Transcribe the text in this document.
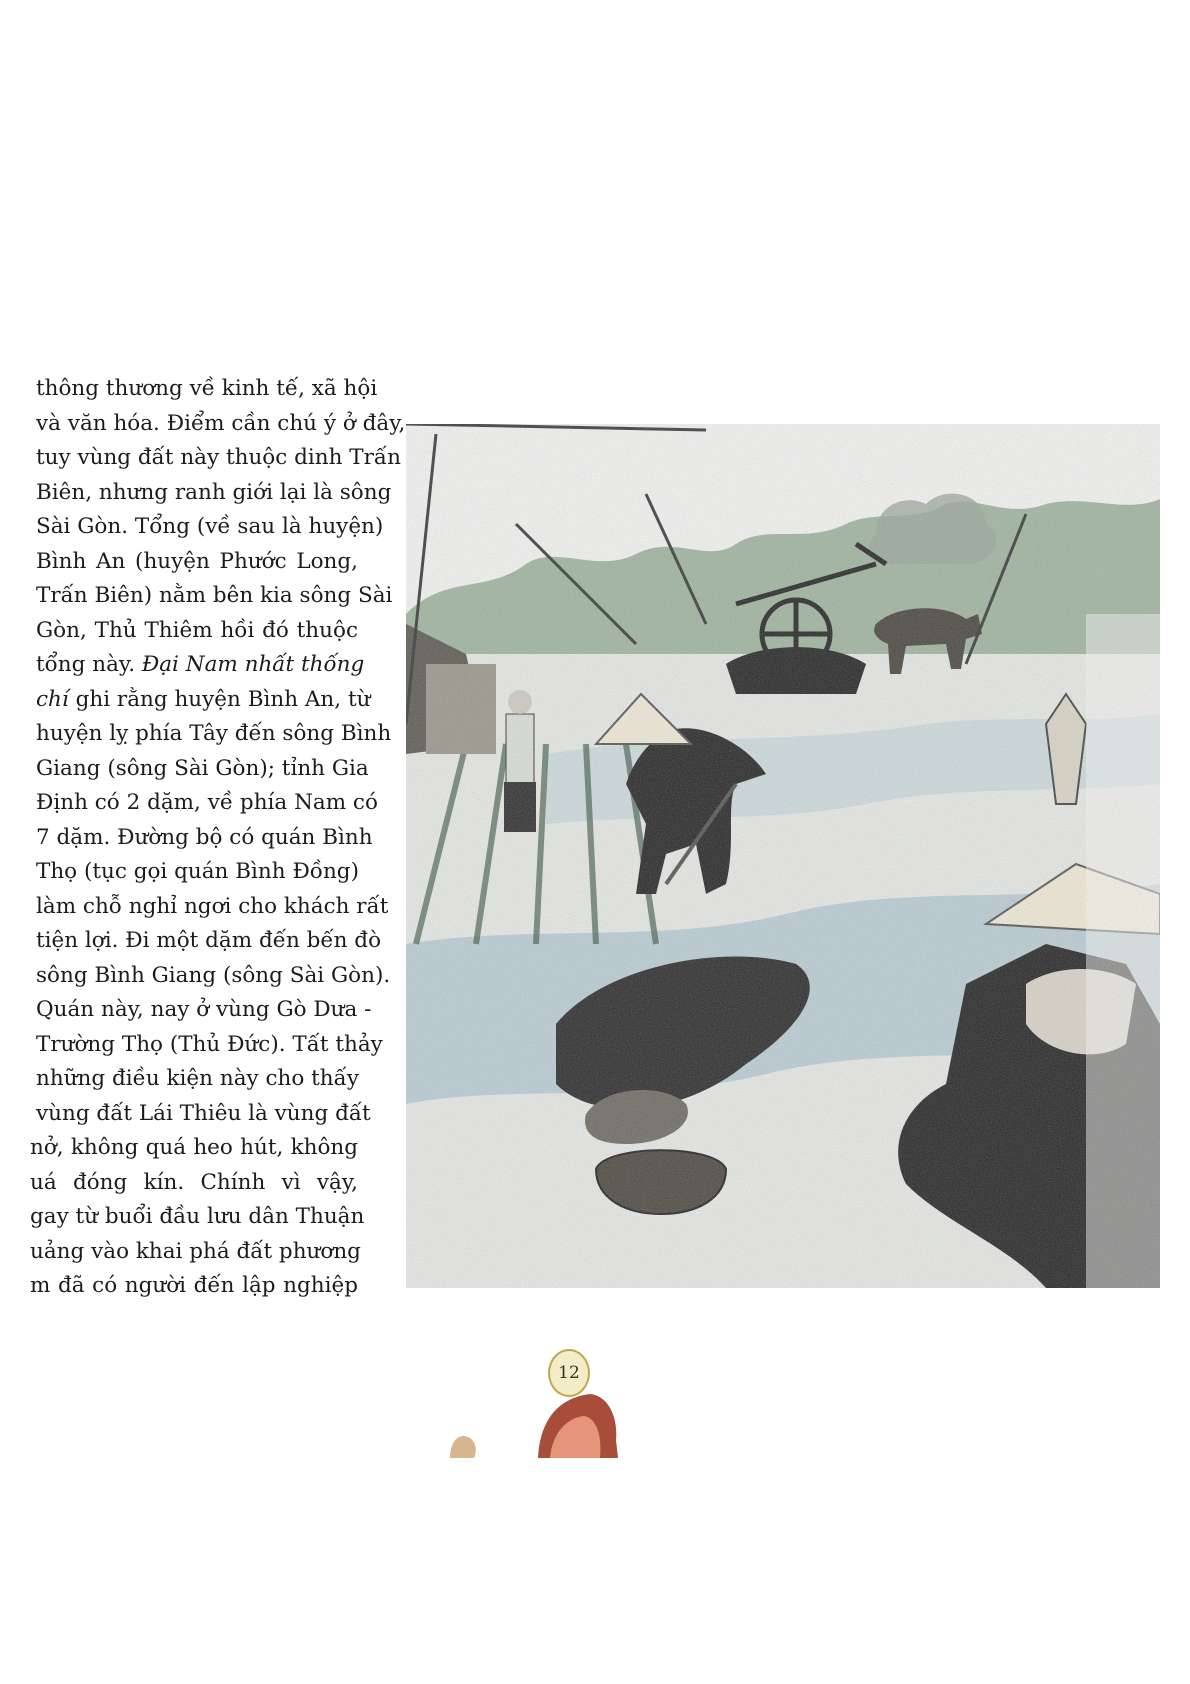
thông thương về kinh tế, xã hội
và văn hóa. Điểm cần chú ý ở đây,
tuy vùng đất này thuộc dinh Trấn
Biên, nhưng ranh giới lại là sông
Sài Gòn. Tổng (về sau là huyện)
Bình An (huyện Phước Long,
Trấn Biên) nằm bên kia sông Sài
Gòn, Thủ Thiêm hồi đó thuộc
tổng này. Đại Nam nhất thống
chí ghi rằng huyện Bình An, từ
huyện lỵ phía Tây đến sông Bình
Giang (sông Sài Gòn); tỉnh Gia
Định có 2 dặm, về phía Nam có
7 dặm. Đường bộ có quán Bình
Thọ (tục gọi quán Bình Đồng)
làm chỗ nghỉ ngơi cho khách rất
tiện lợi. Đi một dặm đến bến đò
sông Bình Giang (sông Sài Gòn).
Quán này, nay ở vùng Gò Dưa -
Trường Thọ (Thủ Đức). Tất thảy
những điều kiện này cho thấy
vùng đất Lái Thiêu là vùng đất
nở, không quá heo hút, không
uá đóng kín. Chính vì vậy,
gay từ buổi đầu lưu dân Thuận
uảng vào khai phá đất phương
m đã có người đến lập nghiệp
12
